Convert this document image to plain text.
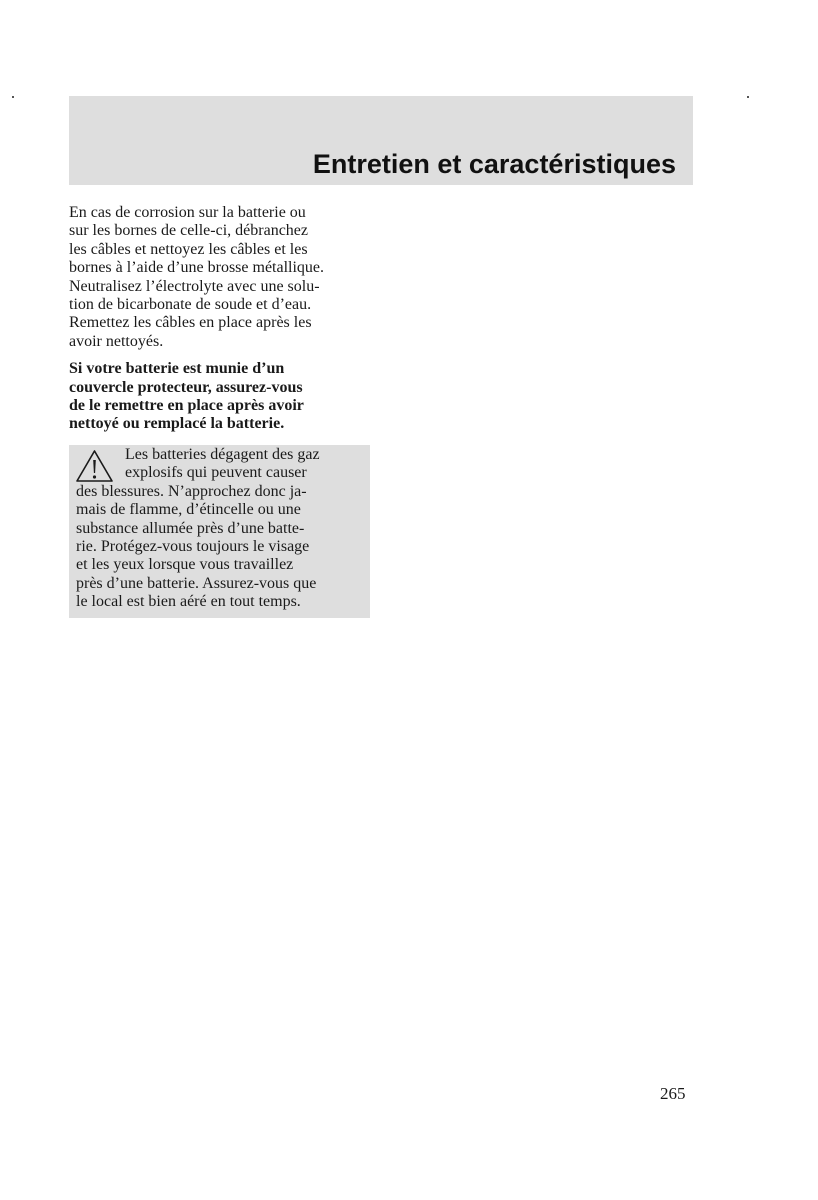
Entretien et caractéristiques

En cas de corrosion sur la batterie ou
sur les bornes de celle-ci, débranchez
les câbles et nettoyez les câbles et les
bornes à l’aide d’une brosse métallique.
Neutralisez l’électrolyte avec une solu-
tion de bicarbonate de soude et d’eau.
Remettez les câbles en place après les
avoir nettoyés.

Si votre batterie est munie d’un
couvercle protecteur, assurez-vous
de le remettre en place après avoir
nettoyé ou remplacé la batterie.

Les batteries dégagent des gaz
explosifs qui peuvent causer
des blessures. N’approchez donc ja-
mais de flamme, d’étincelle ou une
substance allumée près d’une batte-
rie. Protégez-vous toujours le visage
et les yeux lorsque vous travaillez
près d’une batterie. Assurez-vous que
le local est bien aéré en tout temps.
265
